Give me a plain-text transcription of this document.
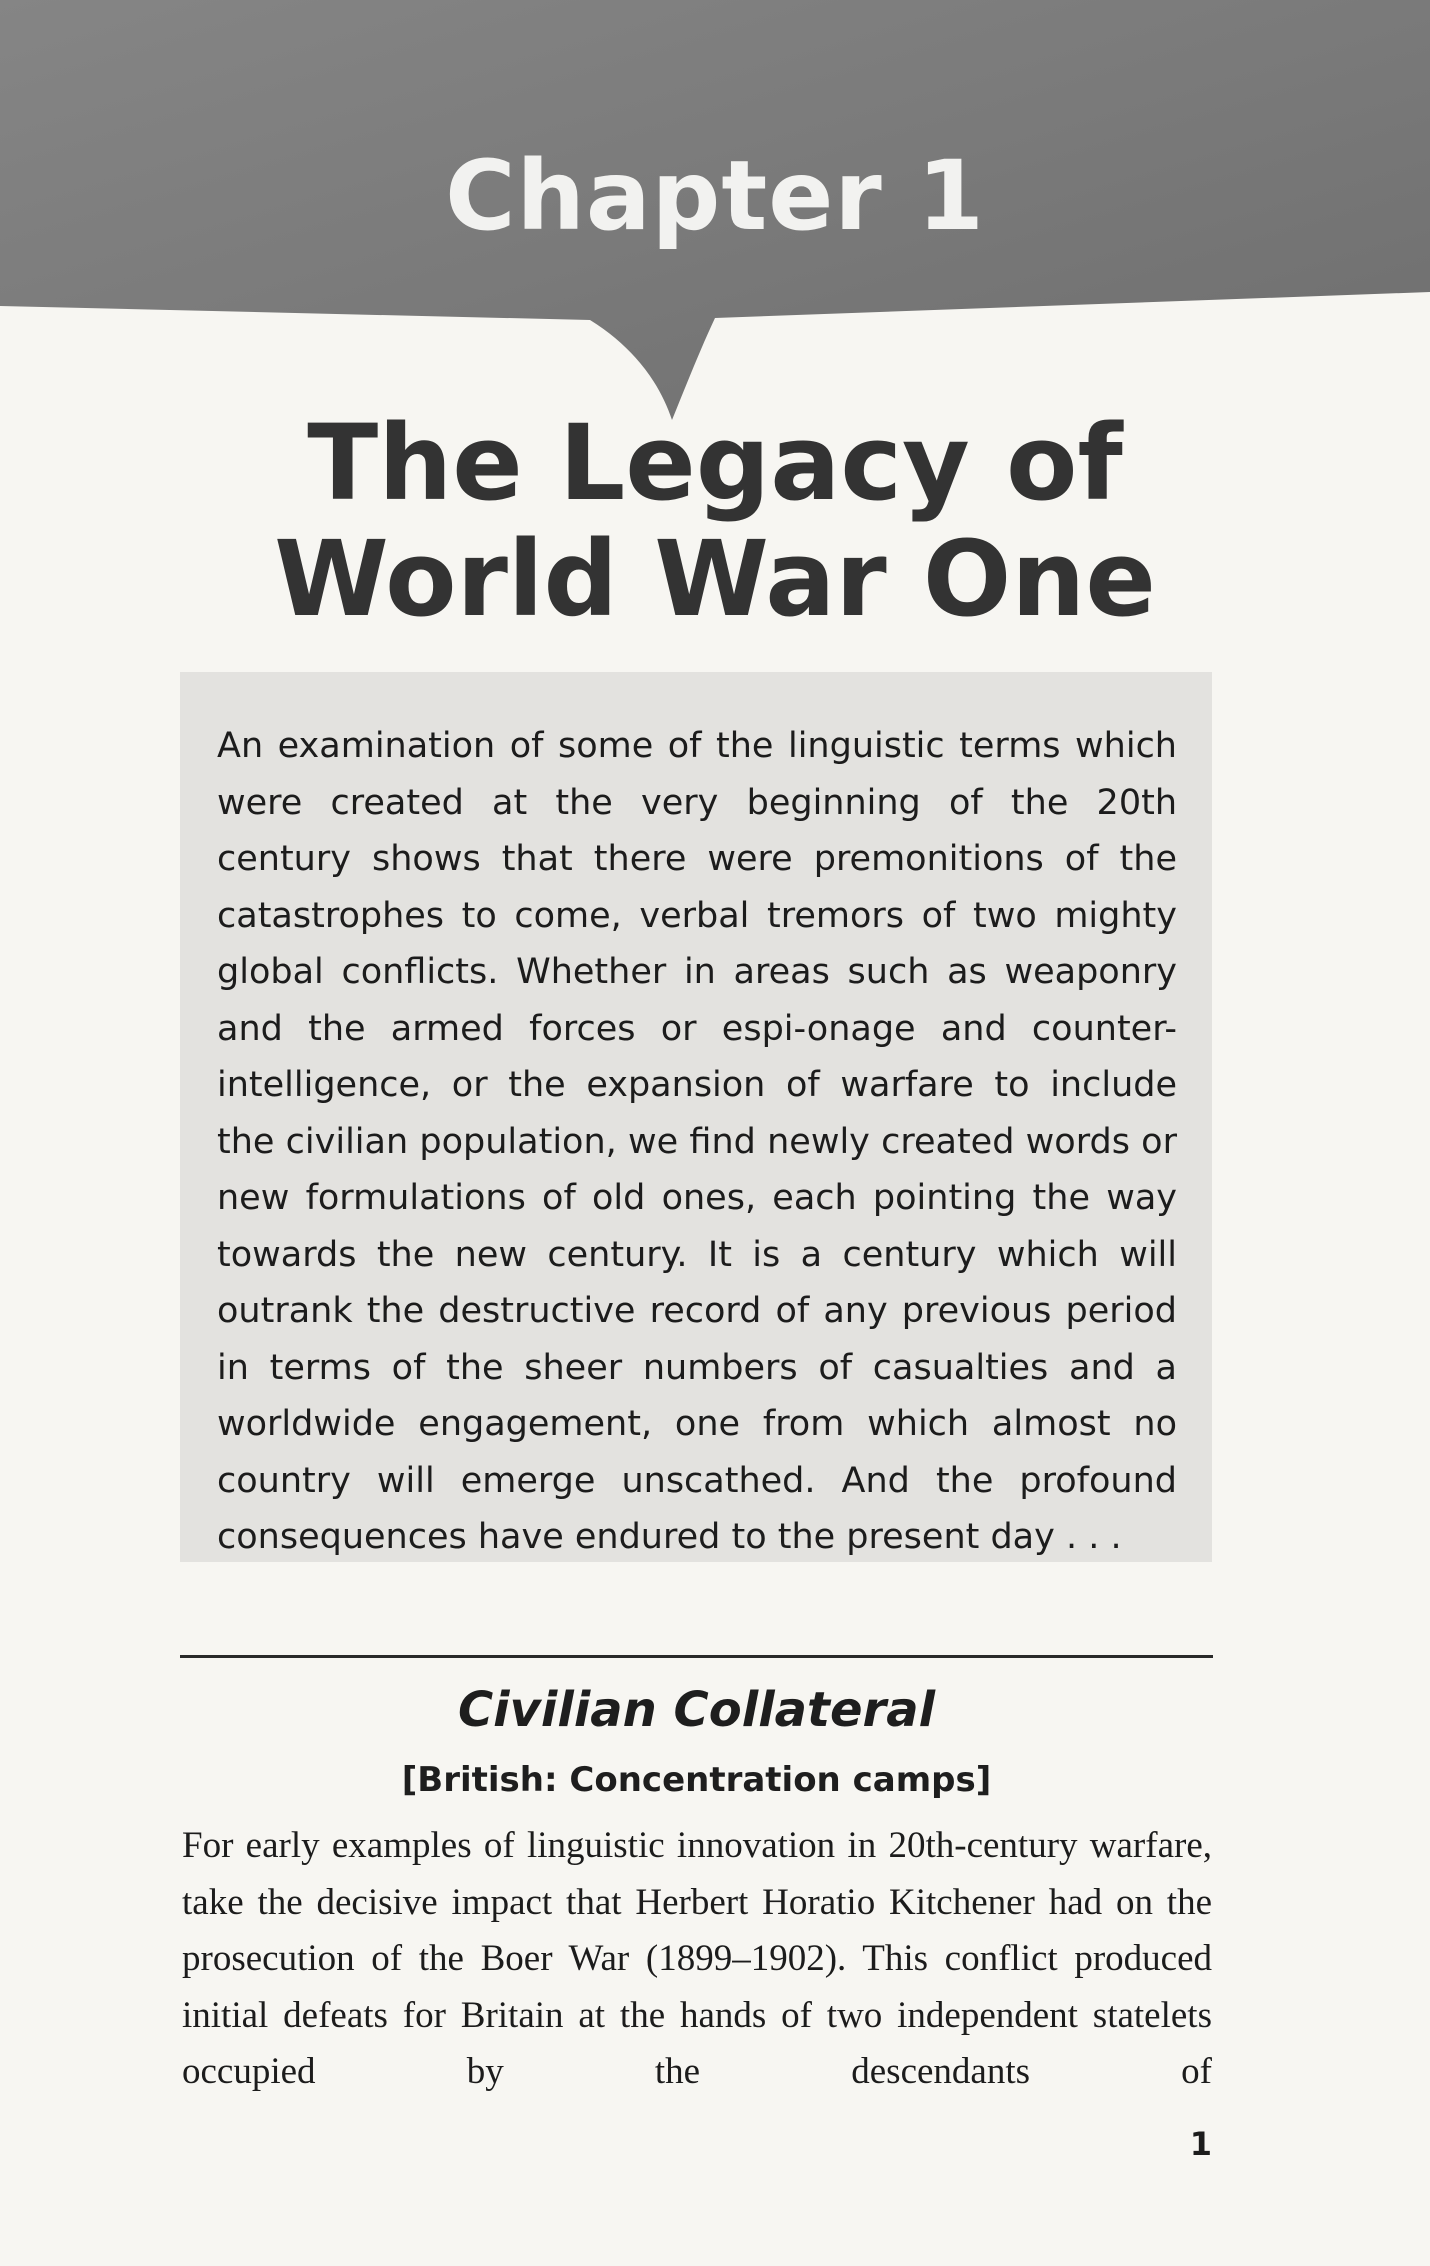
Chapter 1
The Legacy of
World War One
An examination of some of the linguistic terms which were created at the very beginning of the 20th century shows that there were premonitions of the catastrophes to come, verbal tremors of two mighty global conflicts. Whether in areas such as weaponry and the armed forces or espi-onage and counter-intelligence, or the expansion of warfare to include the civilian population, we find newly created words or new formulations of old ones, each pointing the way towards the new century. It is a century which will outrank the destructive record of any previous period in terms of the sheer numbers of casualties and a worldwide engagement, one from which almost no country will emerge unscathed. And the profound consequences have endured to the present day . . .
Civilian Collateral
[British: Concentration camps]
For early examples of linguistic innovation in 20th-century warfare, take the decisive impact that Herbert Horatio Kitchener had on the prosecution of the Boer War (1899–1902). This conflict produced initial defeats for Britain at the hands of two independent statelets occupied by the descendants of
1
